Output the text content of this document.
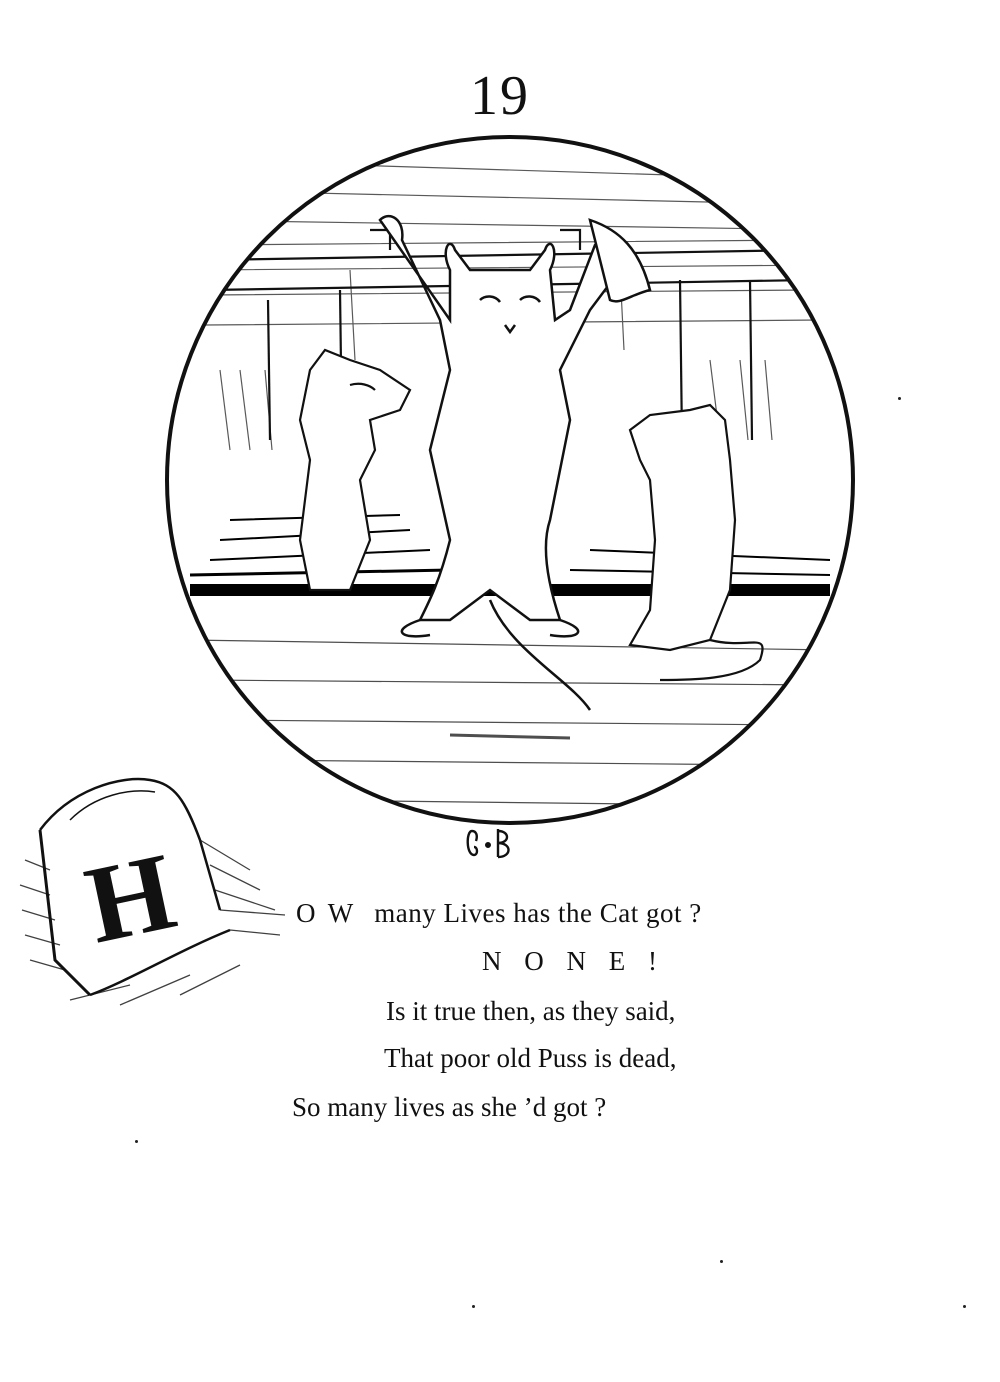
19
H	O W many Lives has the Cat got ?
N O N E !
Is it true then, as they said,
That poor old Puss is dead,
So many lives as she ’d got ?
